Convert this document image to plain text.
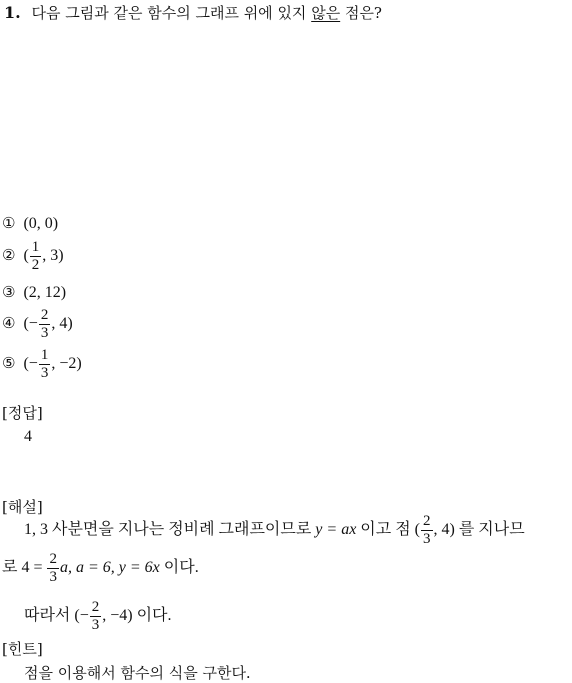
1. 다음 그림과 같은 함수의 그래프 위에 있지 않은 점은?
① (0, 0)
② ( $\frac{1}{2}$ , 3)
③ (2, 12)
④ (− $\frac{2}{3}$ , 4)
⑤ (− $\frac{1}{3}$ , −2)
[정답]
4
[해설]
1, 3 사분면을 지나는 정비례 그래프이므로 y = ax 이고 점 ( $\frac{2}{3}$ , 4) 를 지나므
로 $4 = \frac{2}{3} a$, a = 6, y = 6x 이다.
따라서 (− $\frac{2}{3}$ , −4) 이다.
[힌트]
점을 이용해서 함수의 식을 구한다.
